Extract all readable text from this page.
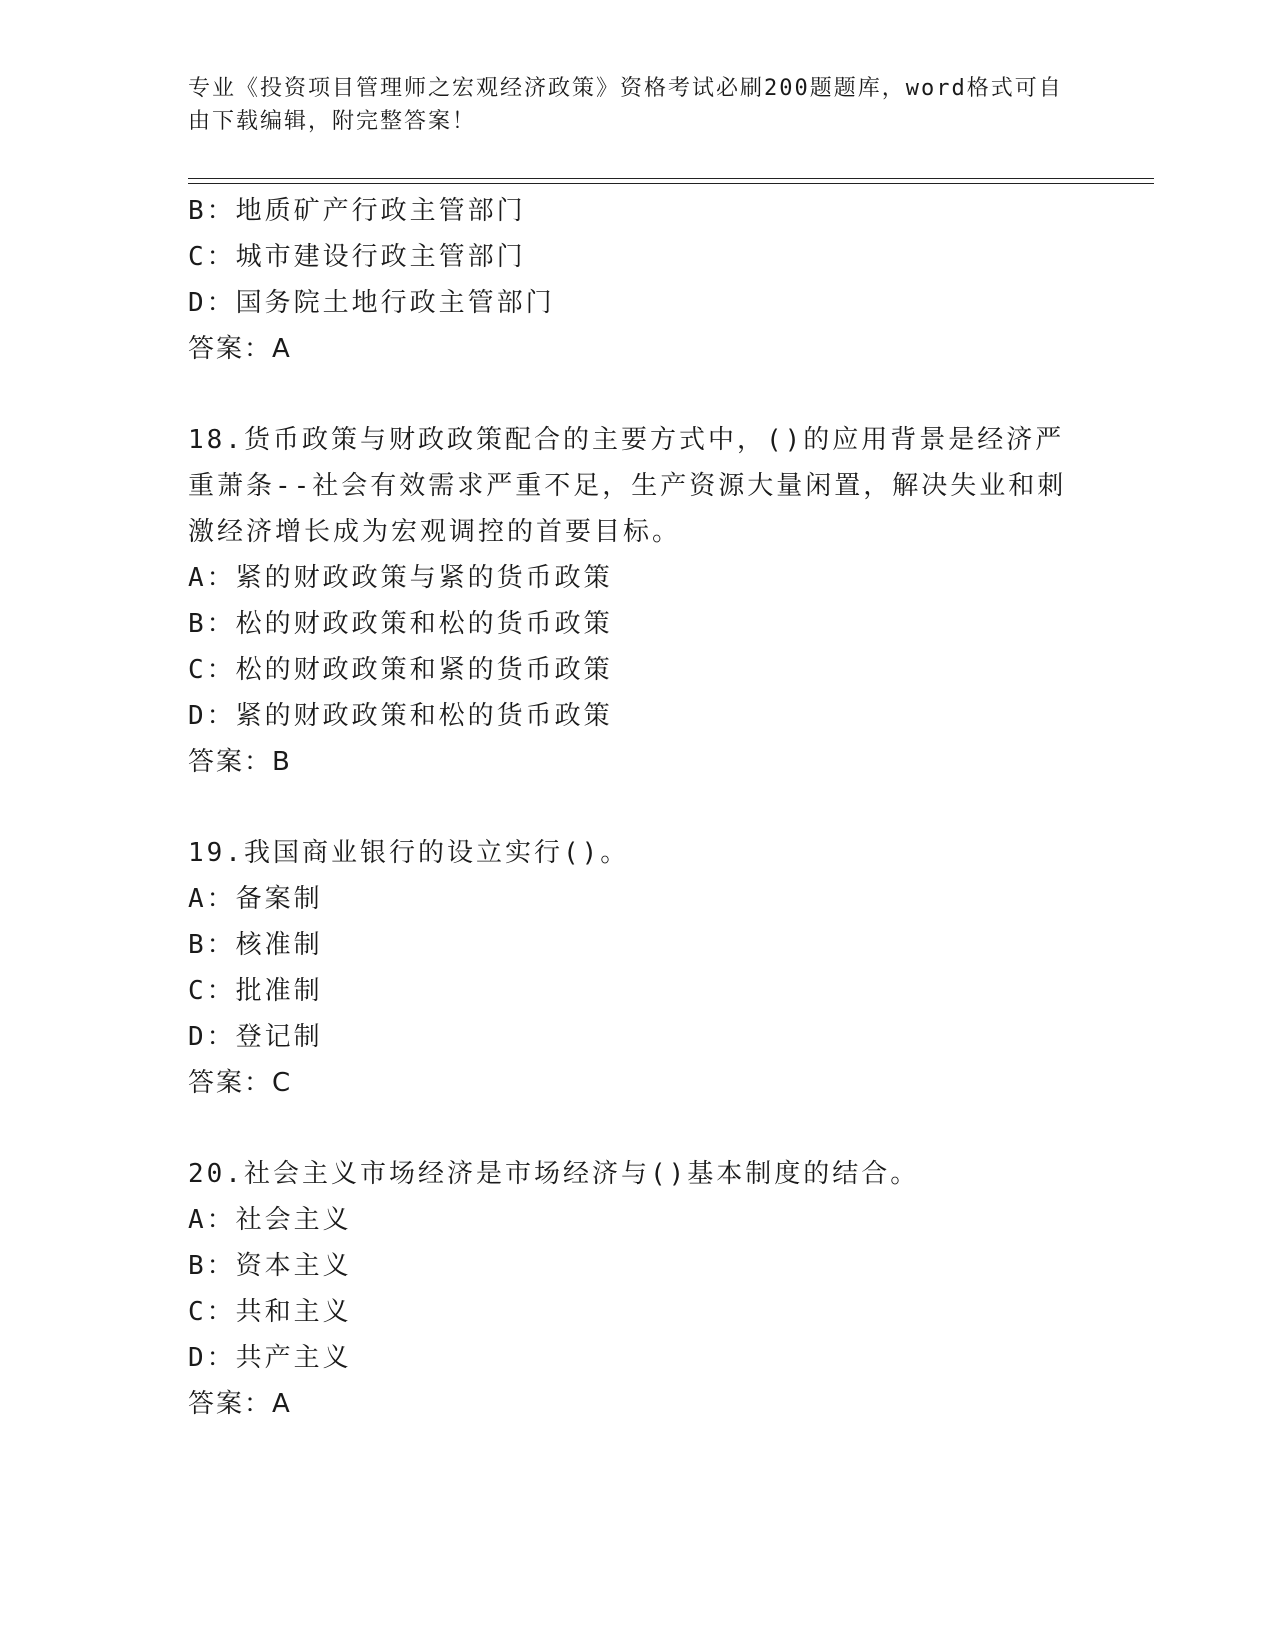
专业《投资项目管理师之宏观经济政策》资格考试必刷200题题库，word格式可自由下载编辑，附完整答案！
B：地质矿产行政主管部门
C：城市建设行政主管部门
D：国务院土地行政主管部门
答案：A
18.货币政策与财政政策配合的主要方式中，()的应用背景是经济严重萧条--社会有效需求严重不足，生产资源大量闲置，解决失业和刺激经济增长成为宏观调控的首要目标。
A：紧的财政政策与紧的货币政策
B：松的财政政策和松的货币政策
C：松的财政政策和紧的货币政策
D：紧的财政政策和松的货币政策
答案：B
19.我国商业银行的设立实行()。
A：备案制
B：核准制
C：批准制
D：登记制
答案：C
20.社会主义市场经济是市场经济与()基本制度的结合。
A：社会主义
B：资本主义
C：共和主义
D：共产主义
答案：A
